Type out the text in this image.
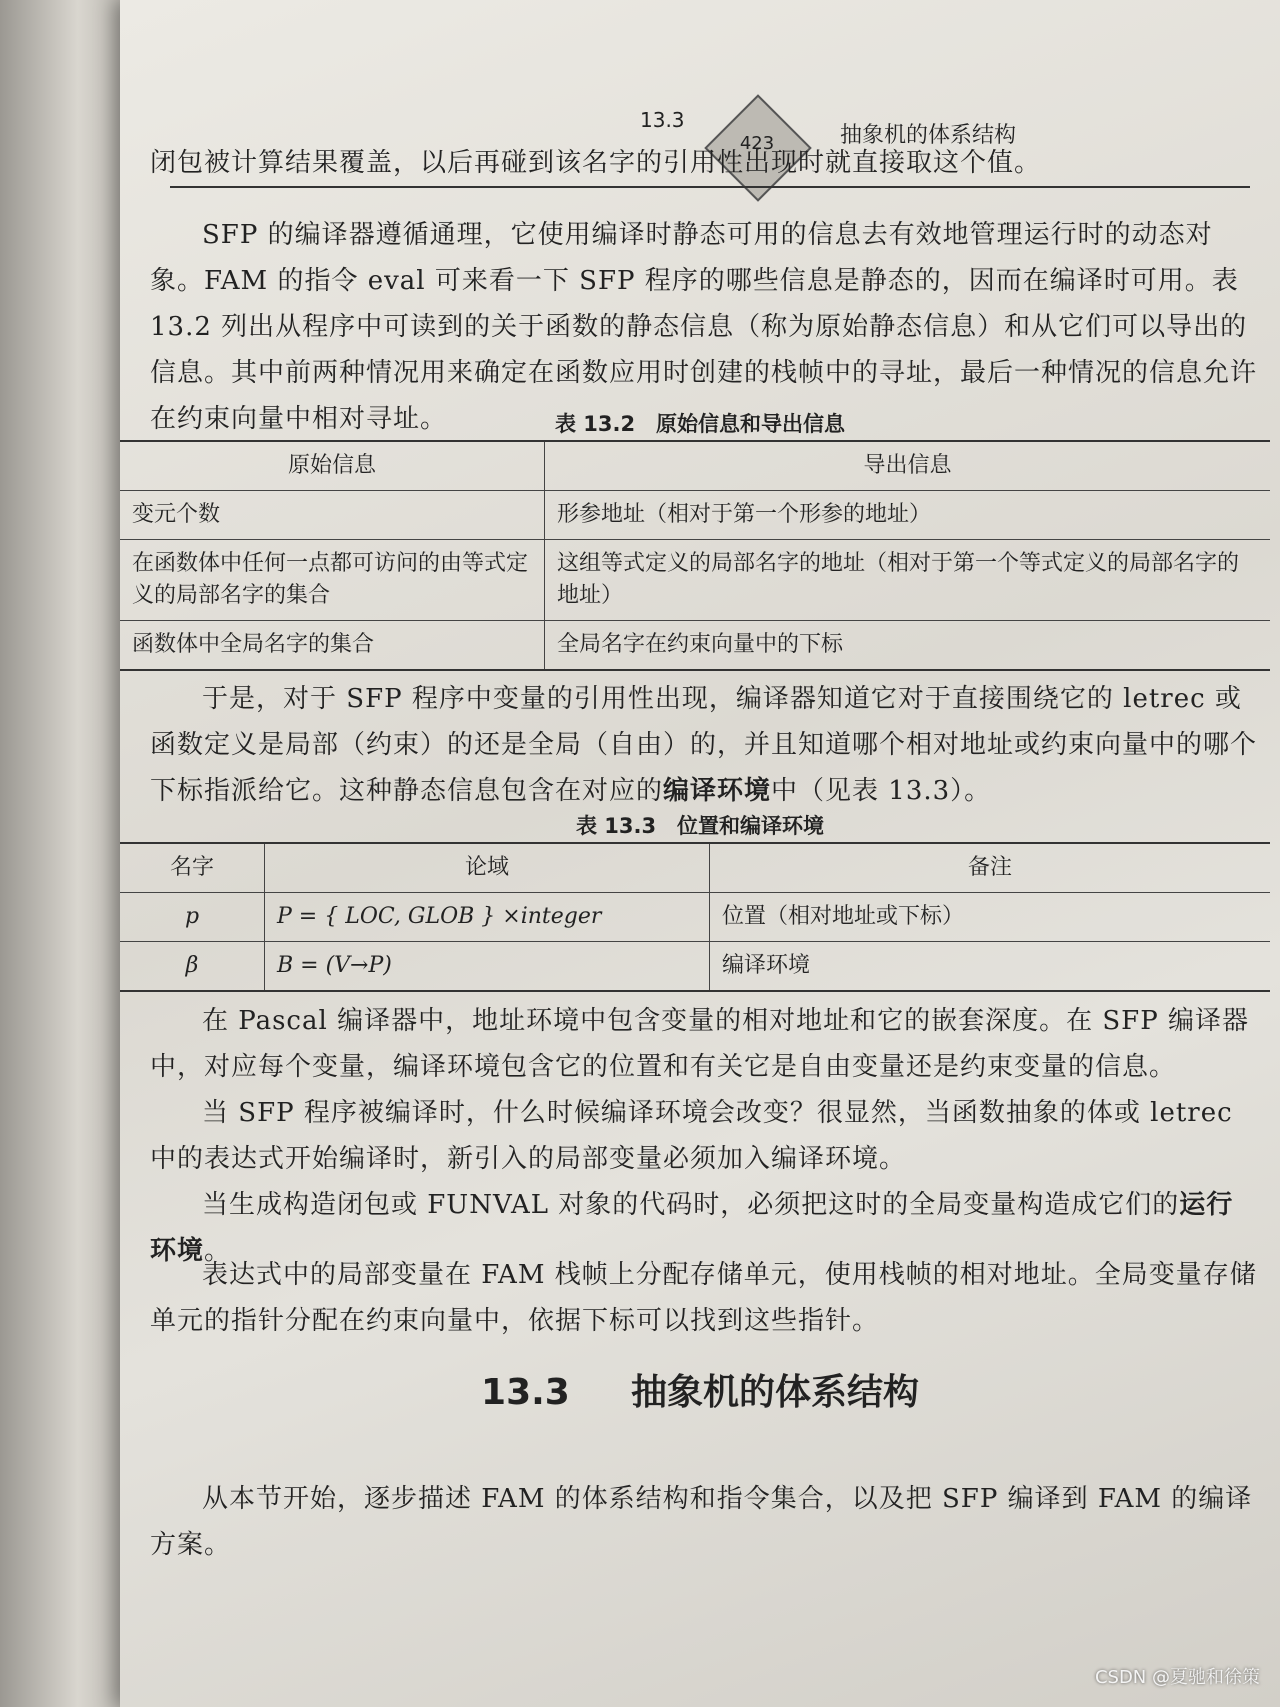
13.3
423	抽象机的体系结构
闭包被计算结果覆盖，以后再碰到该名字的引用性出现时就直接取这个值。
SFP 的编译器遵循通理，它使用编译时静态可用的信息去有效地管理运行时的动态对象。FAM 的指令 eval 可来看一下 SFP 程序的哪些信息是静态的，因而在编译时可用。表 13.2 列出从程序中可读到的关于函数的静态信息（称为原始静态信息）和从它们可以导出的信息。其中前两种情况用来确定在函数应用时创建的栈帧中的寻址，最后一种情况的信息允许在约束向量中相对寻址。	表 13.2　原始信息和导出信息
原始信息	导出信息
变元个数	形参地址（相对于第一个形参的地址）
在函数体中任何一点都可访问的由等式定义的局部名字的集合	这组等式定义的局部名字的地址（相对于第一个等式定义的局部名字的地址）
函数体中全局名字的集合	全局名字在约束向量中的下标
于是，对于 SFP 程序中变量的引用性出现，编译器知道它对于直接围绕它的 letrec 或函数定义是局部（约束）的还是全局（自由）的，并且知道哪个相对地址或约束向量中的哪个下标指派给它。这种静态信息包含在对应的编译环境中（见表 13.3）。
表 13.3　位置和编译环境
名字	论域	备注
p	P = { LOC, GLOB } ×integer	位置（相对地址或下标）
β	B = (V→P)	编译环境
在 Pascal 编译器中，地址环境中包含变量的相对地址和它的嵌套深度。在 SFP 编译器中，对应每个变量，编译环境包含它的位置和有关它是自由变量还是约束变量的信息。
当 SFP 程序被编译时，什么时候编译环境会改变？很显然，当函数抽象的体或 letrec 中的表达式开始编译时，新引入的局部变量必须加入编译环境。
当生成构造闭包或 FUNVAL 对象的代码时，必须把这时的全局变量构造成它们的运行环境。
表达式中的局部变量在 FAM 栈帧上分配存储单元，使用栈帧的相对地址。全局变量存储单元的指针分配在约束向量中，依据下标可以找到这些指针。
13.3 抽象机的体系结构
从本节开始，逐步描述 FAM 的体系结构和指令集合，以及把 SFP 编译到 FAM 的编译方案。
CSDN @夏驰和徐策
